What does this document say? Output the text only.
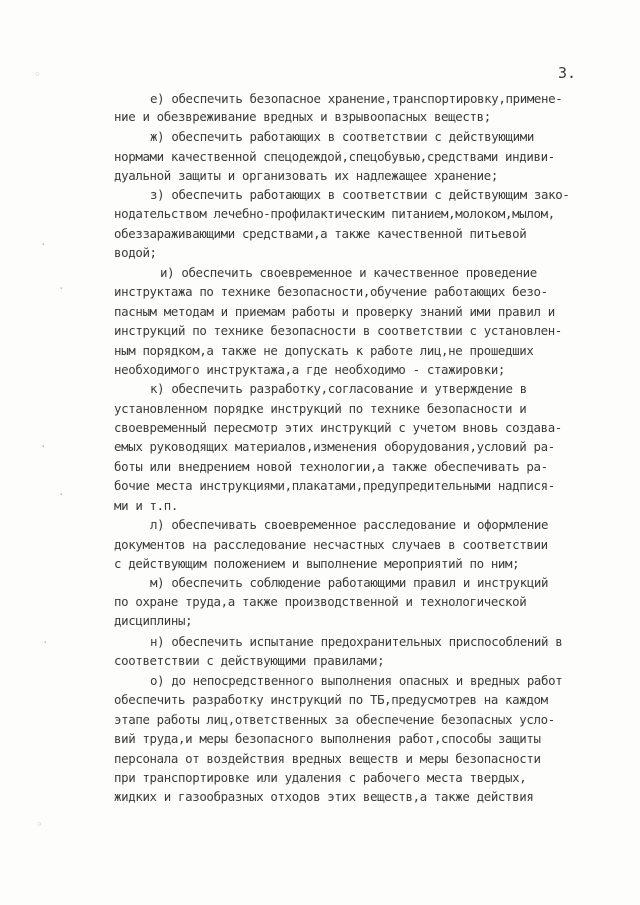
3.
◦
·
·
·
·
·
◦
е) обеспечить безопасное хранение,транспортировку,примене-
ние и обезвреживание вредных и взрывоопасных веществ;
ж) обеспечить работающих в соответствии с действующими
нормами качественной спецодеждой,спецобувью,средствами индиви-
дуальной защиты и организовать их надлежащее хранение;
з) обеспечить работающих в соответствии с действующим зако-
нодательством лечебно-профилактическим питанием,молоком,мылом,
обеззараживающими средствами,а также качественной питьевой
водой;
и) обеспечить своевременное и качественное проведение
инструктажа по технике безопасности,обучение работающих безо-
пасным методам и приемам работы и проверку знаний ими правил и
инструкций по технике безопасности в соответствии с установлен-
ным порядком,а также не допускать к работе лиц,не прошедших
необходимого инструктажа,а где необходимо - стажировки;
к) обеспечить разработку,согласование и утверждение в
установленном порядке инструкций по технике безопасности и
своевременный пересмотр этих инструкций с учетом вновь создава-
емых руководящих материалов,изменения оборудования,условий ра-
боты или внедрением новой технологии,а также обеспечивать ра-
бочие места инструкциями,плакатами,предупредительными надпися-
ми и т.п.
л) обеспечивать своевременное расследование и оформление
документов на расследование несчастных случаев в соответствии
с действующим положением и выполнение мероприятий по ним;
м) обеспечить соблюдение работающими правил и инструкций
по охране труда,а также производственной и технологической
дисциплины;
н) обеспечить испытание предохранительных приспособлений в
соответствии с действующими правилами;
о) до непосредственного выполнения опасных и вредных работ
обеспечить разработку инструкций по ТБ,предусмотрев на каждом
этапе работы лиц,ответственных за обеспечение безопасных усло-
вий труда,и меры безопасного выполнения работ,способы защиты
персонала от воздействия вредных веществ и меры безопасности
при транспортировке или удаления с рабочего места твердых,
жидких и газообразных отходов этих веществ,а также действия
